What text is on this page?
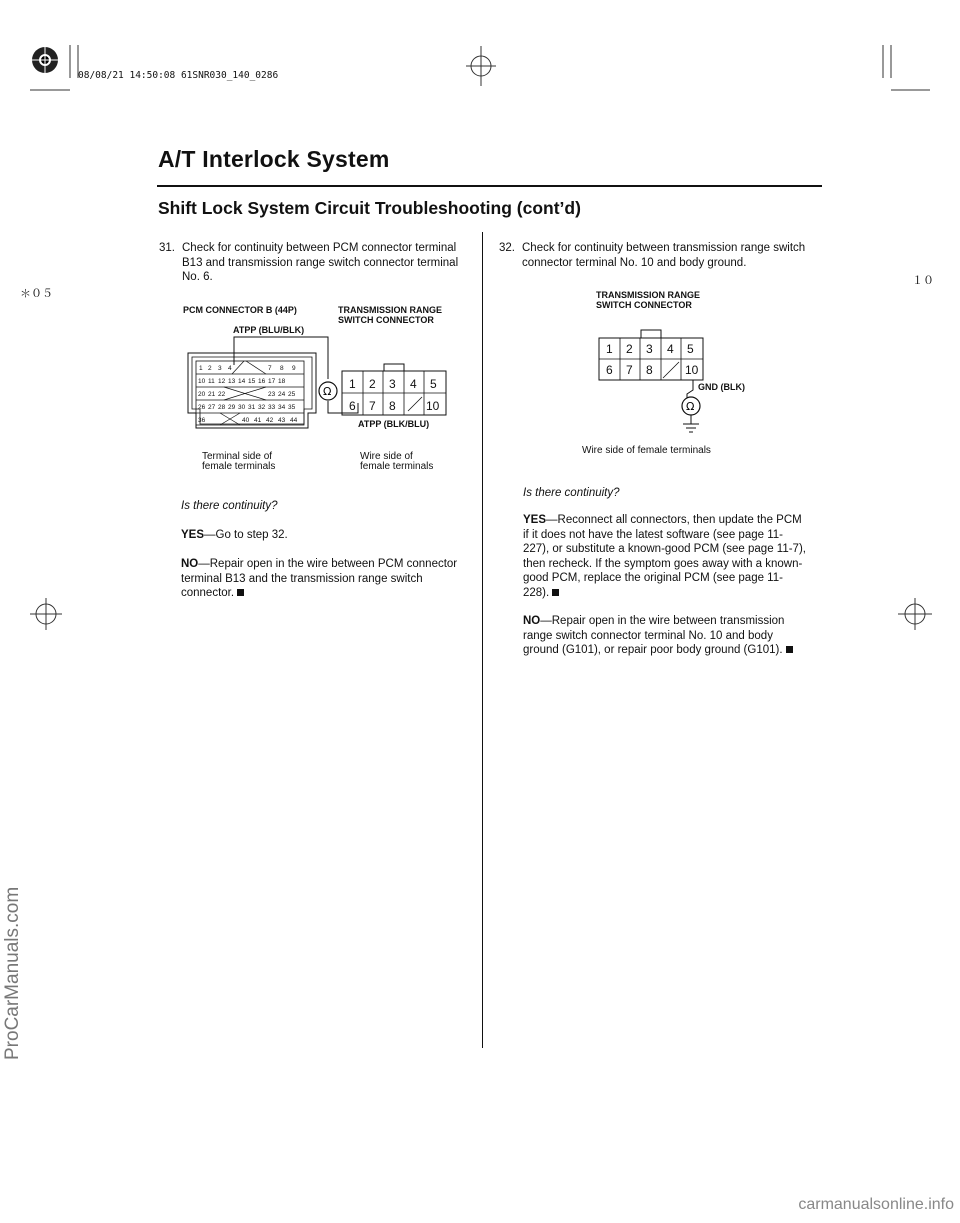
08/08/21 14:50:08 61SNR030_140_0286
＊０５
１０
A/T Interlock System
Shift Lock System Circuit Troubleshooting (cont’d)
31. Check for continuity between PCM connector terminal B13 and transmission range switch connector terminal No. 6.
PCM CONNECTOR B (44P)	TRANSMISSION RANGE
SWITCH CONNECTOR
ATPP (BLU/BLK)
ATPP (BLK/BLU)
1 2 3 4	7 8 9
10 11 12 13 14 15 16 17 18
20 21 22	23 24 25
26 27 28 29 30 31 32 33 34 35
36	40 41 42 43 44
Ω
1 2 3 4 5
6 7 8	10
Terminal side of
female terminals
Wire side of
female terminals
Is there continuity?
YES—Go to step 32.
NO—Repair open in the wire between PCM connector terminal B13 and the transmission range switch connector.
32. Check for continuity between transmission range switch connector terminal No. 10 and body ground.
TRANSMISSION RANGE
SWITCH CONNECTOR
1 2 3 4 5
6 7 8	10
Ω
GND (BLK)
Wire side of female terminals
Is there continuity?
YES—Reconnect all connectors, then update the PCM if it does not have the latest software (see page 11-227), or substitute a known-good PCM (see page 11-7), then recheck. If the symptom goes away with a known-good PCM, replace the original PCM (see page 11-228).
NO—Repair open in the wire between transmission range switch connector terminal No. 10 and body ground (G101), or repair poor body ground (G101).
ProCarManuals.com
carmanualsonline.info
